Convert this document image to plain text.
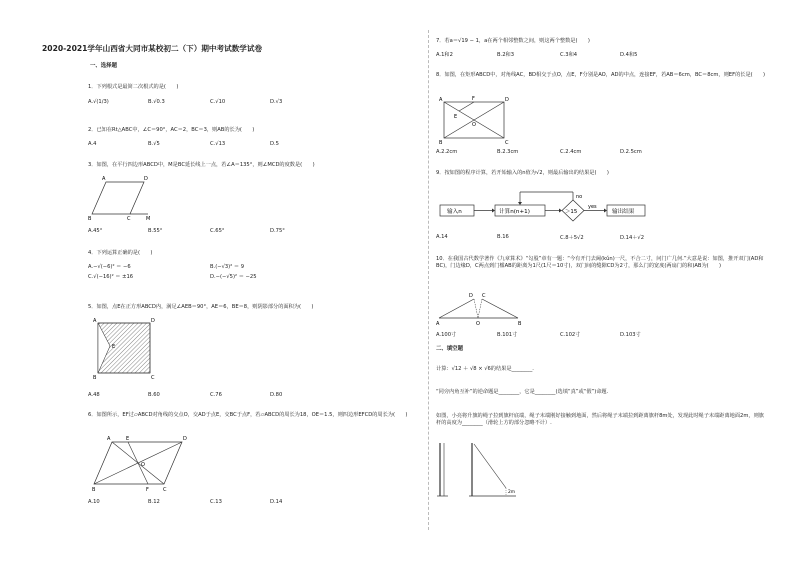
2020-2021学年山西省大同市某校初二（下）期中考试数学试卷
一、选择题
1．下列根式是最简二次根式的是(　　)
A.√(1/3)	B.√0.3	C.√10	D.√3
2．已知在Rt△ABC中，∠C＝90°，AC＝2，BC＝3，则AB的长为(　　)
A.4	B.√5	C.√13	D.5
3．如图，在平行四边形ABCD中，M是BC延长线上一点，若∠A＝135°，则∠MCD的度数是(　　)
A	D
B	C	M
A.45°	B.55°	C.65°	D.75°
4．下列运算正确的是(　　)
A.−√(−6)² ＝ −6	B.(−√3)² ＝ 9
C.√(−16)² ＝ ±16	D.−(−√5)² ＝ −25
5．如图，点E在正方形ABCD内，满足∠AEB＝90°，AE＝6，BE＝8，则阴影部分的面积为(　　)
A	D
E
B	C
A.48	B.60	C.76	D.80
6．如图所示，EF过▱ABCD对角线的交点O，交AD于点E，交BC于点F，若▱ABCD的周长为18，OE＝1.5，则四边形EFCD的周长为(　　)
A	E	D
O
B	F	C
A.10	B.12	C.13	D.14
7．若a＝√19 − 1，a在两个相邻整数之间，则这两个整数是(　　)
A.1和2	B.2和3	C.3和4	D.4和5
8．如图，在矩形ABCD中，对角线AC，BD相交于点O，点E，F分别是AO，AD的中点，连接EF，若AB＝6cm，BC＝8cm，则EF的长是(　　)
A	F	D
E
O
B	C
A.2.2cm	B.2.3cm	C.2.4cm	D.2.5cm
9．按如图的程序计算，若开始输入的n值为√2，则最后输出的结果是(　　)
输入n	计算n(n+1)	＞15
no
yes
输出结果
A.14	B.16	C.8＋5√2	D.14＋√2
10．在我国古代数学著作《九章算术》“勾股”章有一题：“今有开门去阃(kǔn)一尺，不合二寸，问门广几何.”大意是说：如图，推开双门(AD和BC)，门边缘D，C两点到门槛AB的距离为1尺(1尺＝10寸)，双门间的缝隙CD为2寸，那么门的宽度(两扇门的和)AB为(　　)
D C
A	O	B
A.100寸	B.101寸	C.102寸	D.103寸
二、填空题
计算：√12 ＋ √8 × √6的结果是________.
“同旁内角互补”的逆命题是________，它是________(选填“真”或“假”)命题.
如图，小亮将升旗的绳子拉到旗杆底端，绳子末端刚好接触到地面，然后将绳子末端拉到距离旗杆8m处，发现此时绳子末端距离地面2m，则旗杆的高度为________（滑轮上方的部分忽略不计）.
2m
